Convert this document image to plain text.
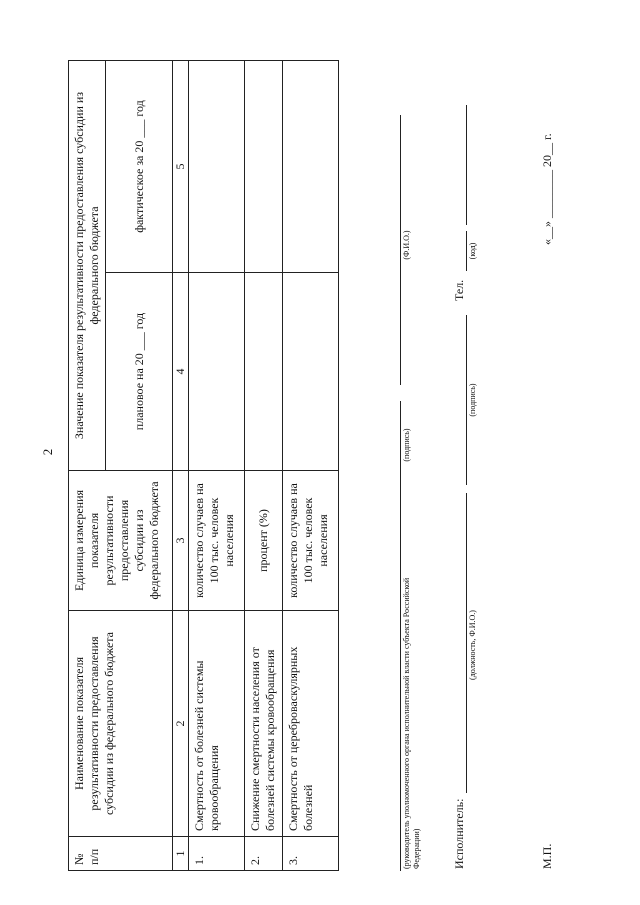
2
№ п/п	Наименование показателя результативности предоставления субсидии из федерального бюджета	Единица измерения показателя результативности предоставления субсидии из федерального бюджета	Значение показателя результативности предоставления субсидии из федерального бюджета	
			плановое на 20 ___ год	фактическое за 20 ___ год
1	2	3	4	5
1.	Смертность от болезней системы кровообращения	количество случаев на 100 тыс. человек населения		
2.	Снижение смертности населения от болезней системы кровообращения	процент (%)		
3.	Смертность от цереброваскулярных болезней	количество случаев на 100 тыс. человек населения		
(руководитель уполномоченного органа исполнительной власти субъекта Российской Федерации)
(подпись)
(Ф.И.О.)
Исполнитель:
(должность, Ф.И.О.)
(подпись)
Тел.
(код)
М.П.
«__» ________ 20__ г.
